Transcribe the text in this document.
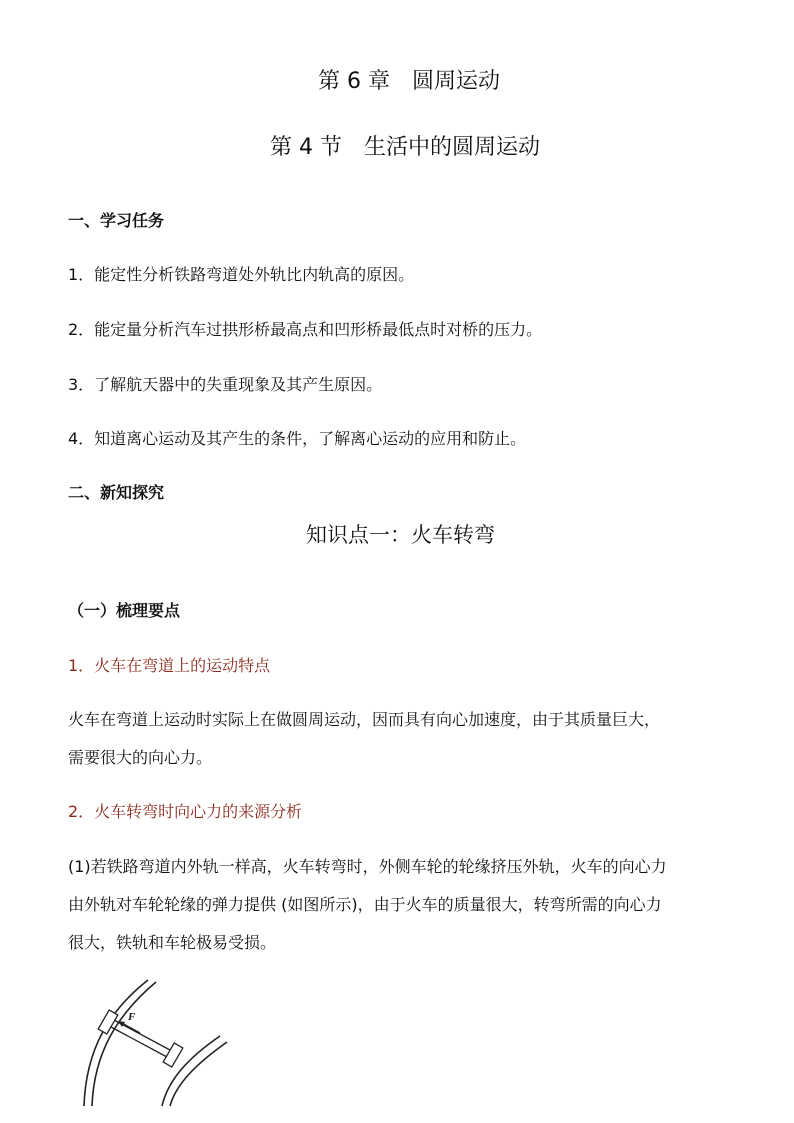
第 6 章　圆周运动
第 4 节　生活中的圆周运动
一、学习任务
1．能定性分析铁路弯道处外轨比内轨高的原因。
2．能定量分析汽车过拱形桥最高点和凹形桥最低点时对桥的压力。
3．了解航天器中的失重现象及其产生原因。
4．知道离心运动及其产生的条件，了解离心运动的应用和防止。
二、新知探究
知识点一：火车转弯
（一）梳理要点
1．火车在弯道上的运动特点
火车在弯道上运动时实际上在做圆周运动，因而具有向心加速度，由于其质量巨大，
需要很大的向心力。
2．火车转弯时向心力的来源分析
(1)若铁路弯道内外轨一样高，火车转弯时，外侧车轮的轮缘挤压外轨，火车的向心力
由外轨对车轮轮缘的弹力提供 (如图所示)，由于火车的质量很大，转弯所需的向心力
很大，铁轨和车轮极易受损。
F
